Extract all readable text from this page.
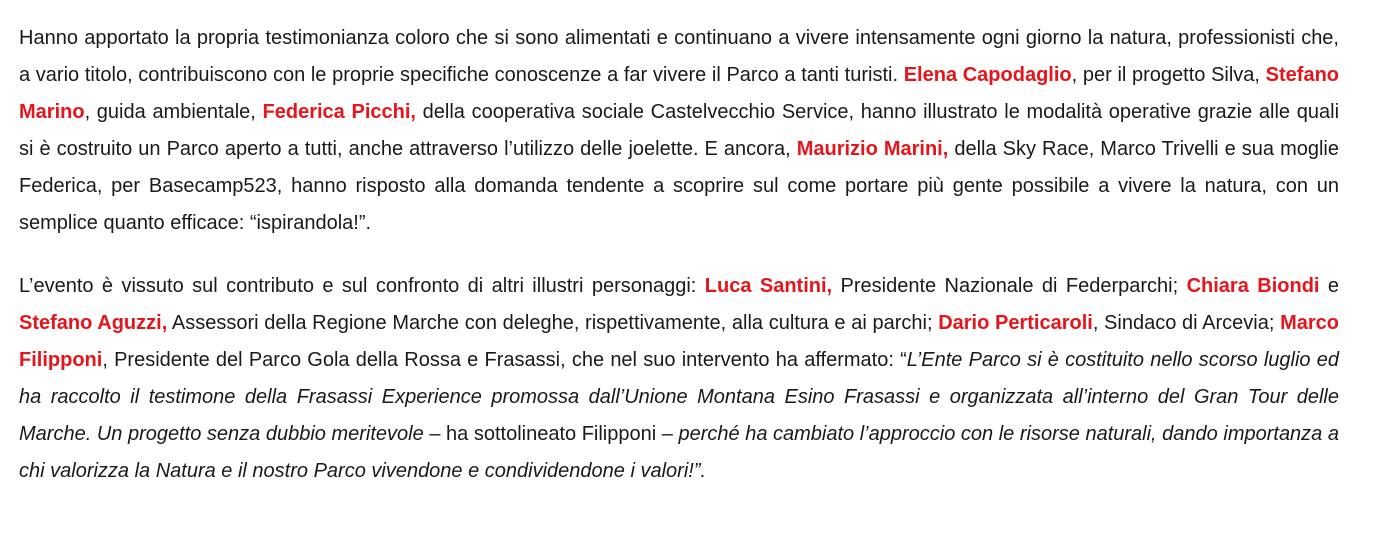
Hanno apportato la propria testimonianza coloro che si sono alimentati e continuano a vivere intensamente ogni giorno la natura, professionisti che, a vario titolo, contribuiscono con le proprie specifiche conoscenze a far vivere il Parco a tanti turisti. Elena Capodaglio, per il progetto Silva, Stefano Marino, guida ambientale, Federica Picchi, della cooperativa sociale Castelvecchio Service, hanno illustrato le modalità operative grazie alle quali si è costruito un Parco aperto a tutti, anche attraverso l’utilizzo delle joelette. E ancora, Maurizio Marini, della Sky Race, Marco Trivelli e sua moglie Federica, per Basecamp523, hanno risposto alla domanda tendente a scoprire sul come portare più gente possibile a vivere la natura, con un semplice quanto efficace: “ispirandola!”.

L’evento è vissuto sul contributo e sul confronto di altri illustri personaggi: Luca Santini, Presidente Nazionale di Federparchi; Chiara Biondi e Stefano Aguzzi, Assessori della Regione Marche con deleghe, rispettivamente, alla cultura e ai parchi; Dario Perticaroli, Sindaco di Arcevia; Marco Filipponi, Presidente del Parco Gola della Rossa e Frasassi, che nel suo intervento ha affermato: “L’Ente Parco si è costituito nello scorso luglio ed ha raccolto il testimone della Frasassi Experience promossa dall’Unione Montana Esino Frasassi e organizzata all’interno del Gran Tour delle Marche. Un progetto senza dubbio meritevole – ha sottolineato Filipponi – perché ha cambiato l’approccio con le risorse naturali, dando importanza a chi valorizza la Natura e il nostro Parco vivendone e condividendone i valori!”.
